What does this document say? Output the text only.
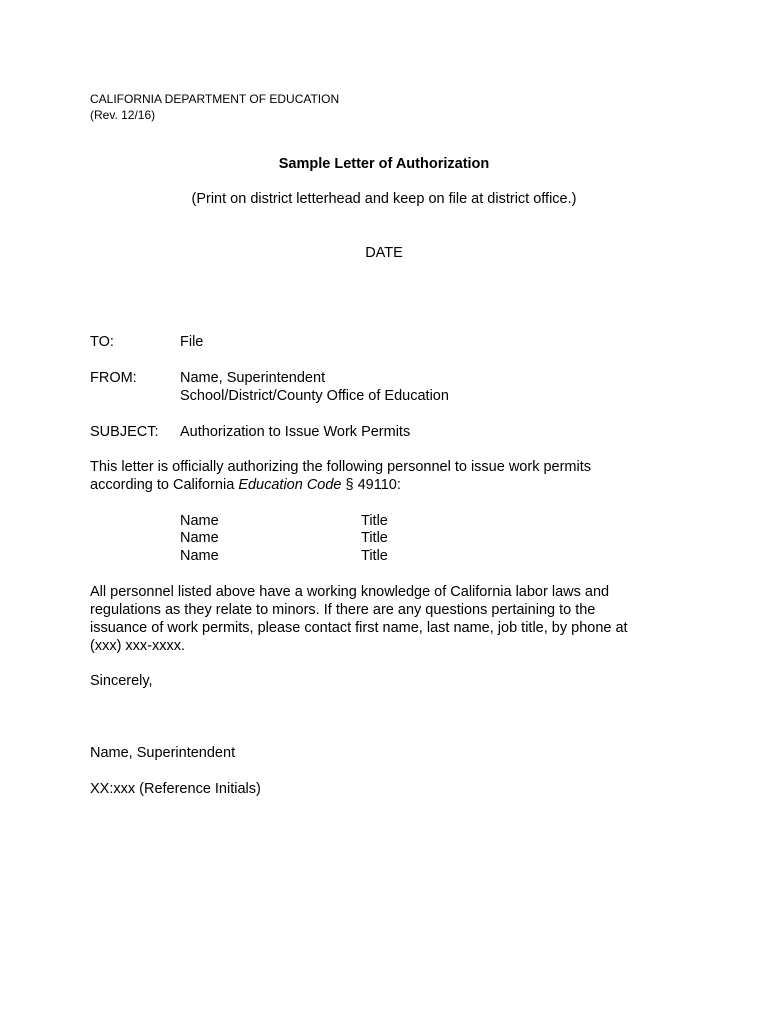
CALIFORNIA DEPARTMENT OF EDUCATION
(Rev. 12/16)
Sample Letter of Authorization
(Print on district letterhead and keep on file at district office.)
DATE
TO:	File
FROM:	Name, Superintendent
School/District/County Office of Education
SUBJECT: Authorization to Issue Work Permits
This letter is officially authorizing the following personnel to issue work permits
according to California Education Code § 49110:
Name	Title
Name	Title
Name	Title
All personnel listed above have a working knowledge of California labor laws and
regulations as they relate to minors. If there are any questions pertaining to the
issuance of work permits, please contact first name, last name, job title, by phone at
(xxx) xxx-xxxx.
Sincerely,
Name, Superintendent
XX:xxx (Reference Initials)
